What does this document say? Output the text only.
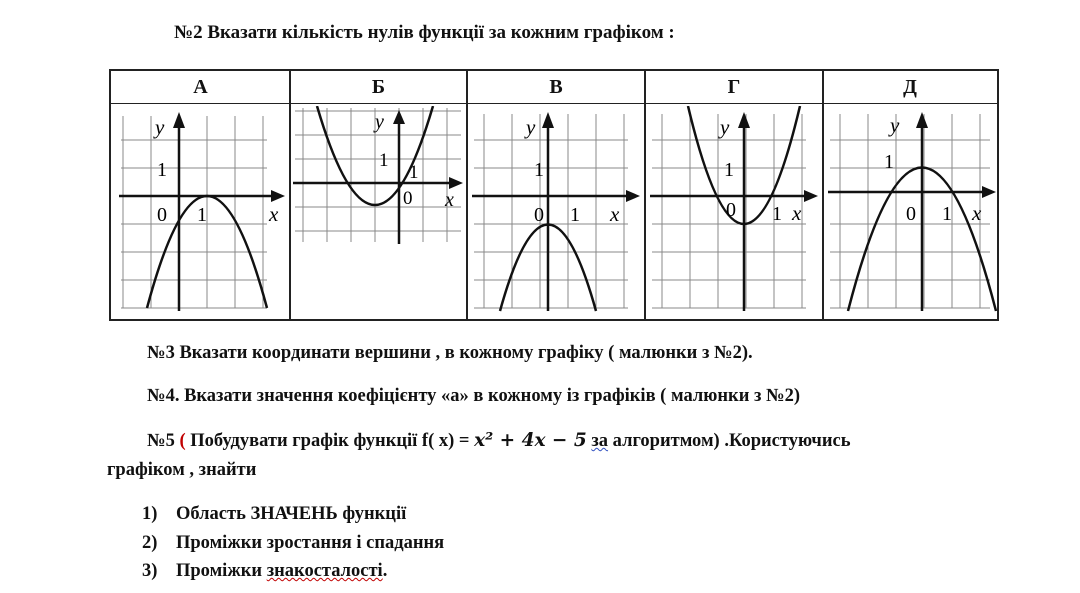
№2 Вказати кількість нулів функції за кожним графіком :
А	Б	В	Г	Д
y
1
0 1	x
y
1
0
1
x
y
1
0 1 x
y
1
0 1 x
y
1
0 1 x
№3 Вказати координати вершини , в кожному графіку ( малюнки з №2).
№4. Вказати значення коефіцієнту «а» в кожному із графіків ( малюнки з №2)
№5 ( Побудувати графік функції f( x) = x² + 4x − 5 за алгоритмом) .Користуючись
графіком , знайти
1)	Область ЗНАЧЕНЬ функції
2)	Проміжки зростання і спадання
3)	Проміжки
знакосталості .
